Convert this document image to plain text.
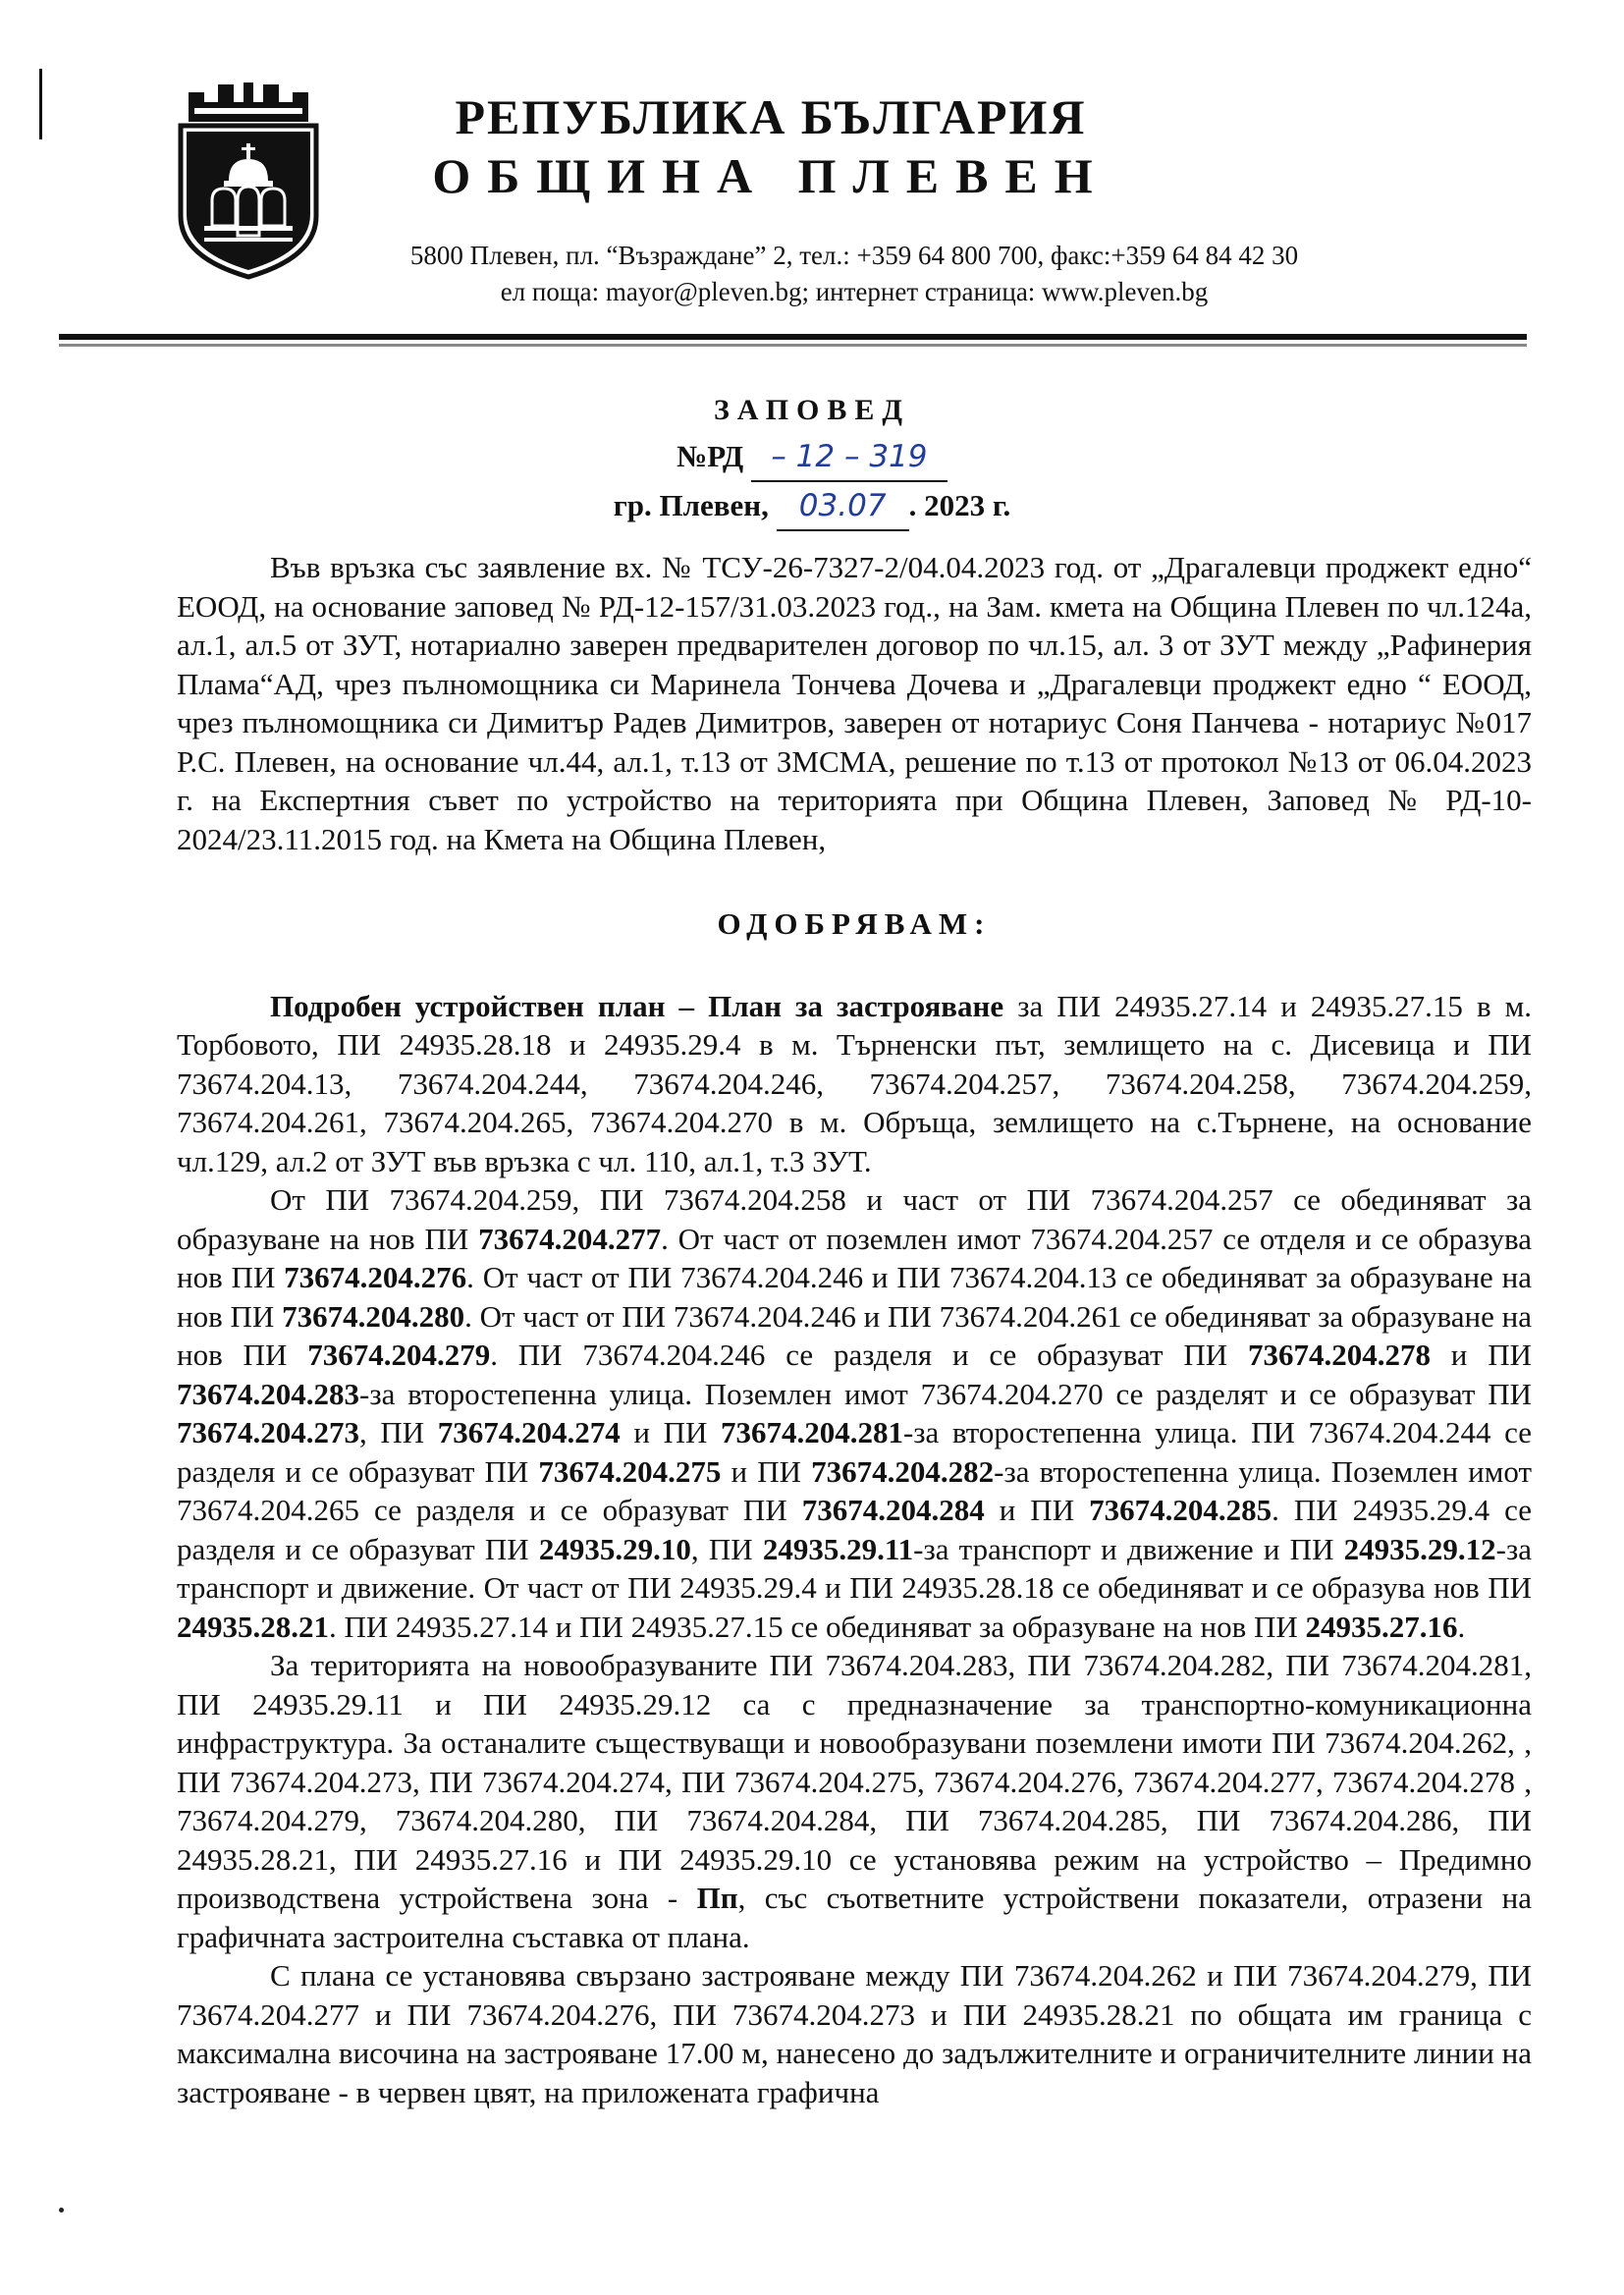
РЕПУБЛИКА БЪЛГАРИЯ
ОБЩИНА ПЛЕВЕН
5800 Плевен, пл. “Възраждане” 2, тел.: +359 64 800 700, факс:+359 64 84 42 30
ел поща: mayor@pleven.bg; интернет страница: www.pleven.bg
ЗАПОВЕД
№РД – 12 – 319
гр. Плевен, 03.07 . 2023 г.

Във връзка със заявление вх. № ТСУ-26-7327-2/04.04.2023 год. от „Драгалевци проджект едно“ ЕООД, на основание заповед № РД-12-157/31.03.2023 год., на Зам. кмета на Община Плевен по чл.124а, ал.1, ал.5 от ЗУТ, нотариално заверен предварителен договор по чл.15, ал. 3 от ЗУТ между „Рафинерия Плама“АД, чрез пълномощника си Маринела Тончева Дочева и „Драгалевци проджект едно “ ЕООД, чрез пълномощника си Димитър Радев Димитров, заверен от нотариус Соня Панчева - нотариус №017 Р.С. Плевен, на основание чл.44, ал.1, т.13 от ЗМСМА, решение по т.13 от протокол №13 от 06.04.2023 г. на Експертния съвет по устройство на територията при Община Плевен, Заповед № РД-10-2024/23.11.2015 год. на Кмета на Община Плевен,

ОДОБРЯВАМ:

Подробен устройствен план – План за застрояване за ПИ 24935.27.14 и 24935.27.15 в м. Торбовото, ПИ 24935.28.18 и 24935.29.4 в м. Търненски път, землището на с. Дисевица и ПИ 73674.204.13, 73674.204.244, 73674.204.246, 73674.204.257, 73674.204.258, 73674.204.259, 73674.204.261, 73674.204.265, 73674.204.270 в м. Обръща, землището на с.Търнене, на основание чл.129, ал.2 от ЗУТ във връзка с чл. 110, ал.1, т.3 ЗУТ.

От ПИ 73674.204.259, ПИ 73674.204.258 и част от ПИ 73674.204.257 се обединяват за образуване на нов ПИ 73674.204.277. От част от поземлен имот 73674.204.257 се отделя и се образува нов ПИ 73674.204.276. От част от ПИ 73674.204.246 и ПИ 73674.204.13 се обединяват за образуване на нов ПИ 73674.204.280. От част от ПИ 73674.204.246 и ПИ 73674.204.261 се обединяват за образуване на нов ПИ 73674.204.279. ПИ 73674.204.246 се разделя и се образуват ПИ 73674.204.278 и ПИ 73674.204.283-за второстепенна улица. Поземлен имот 73674.204.270 се разделят и се образуват ПИ 73674.204.273, ПИ 73674.204.274 и ПИ 73674.204.281-за второстепенна улица. ПИ 73674.204.244 се разделя и се образуват ПИ 73674.204.275 и ПИ 73674.204.282-за второстепенна улица. Поземлен имот 73674.204.265 се разделя и се образуват ПИ 73674.204.284 и ПИ 73674.204.285. ПИ 24935.29.4 се разделя и се образуват ПИ 24935.29.10, ПИ 24935.29.11-за транспорт и движение и ПИ 24935.29.12-за транспорт и движение. От част от ПИ 24935.29.4 и ПИ 24935.28.18 се обединяват и се образува нов ПИ 24935.28.21. ПИ 24935.27.14 и ПИ 24935.27.15 се обединяват за образуване на нов ПИ 24935.27.16.

За територията на новообразуваните ПИ 73674.204.283, ПИ 73674.204.282, ПИ 73674.204.281, ПИ 24935.29.11 и ПИ 24935.29.12 са с предназначение за транспортно-комуникационна инфраструктура. За останалите съществуващи и новообразувани поземлени имоти ПИ 73674.204.262, , ПИ 73674.204.273, ПИ 73674.204.274, ПИ 73674.204.275, 73674.204.276, 73674.204.277, 73674.204.278 , 73674.204.279, 73674.204.280, ПИ 73674.204.284, ПИ 73674.204.285, ПИ 73674.204.286, ПИ 24935.28.21, ПИ 24935.27.16 и ПИ 24935.29.10 се установява режим на устройство – Предимно производствена устройствена зона - Пп, със съответните устройствени показатели, отразени на графичната застроителна съставка от плана.

С плана се установява свързано застрояване между ПИ 73674.204.262 и ПИ 73674.204.279, ПИ 73674.204.277 и ПИ 73674.204.276, ПИ 73674.204.273 и ПИ 24935.28.21 по общата им граница с максимална височина на застрояване 17.00 м, нанесено до задължителните и ограничителните линии на застрояване - в червен цвят, на приложената графична
